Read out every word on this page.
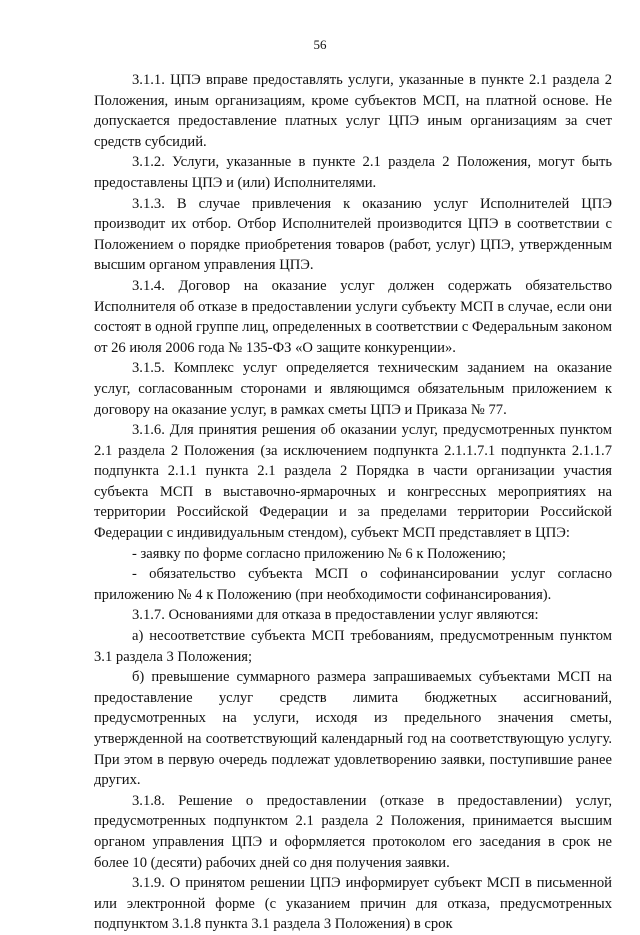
56

3.1.1. ЦПЭ вправе предоставлять услуги, указанные в пункте 2.1 раздела 2 Положения, иным организациям, кроме субъектов МСП, на платной основе. Не допускается предоставление платных услуг ЦПЭ иным организациям за счет средств субсидий.

3.1.2. Услуги, указанные в пункте 2.1 раздела 2 Положения, могут быть предоставлены ЦПЭ и (или) Исполнителями.

3.1.3. В случае привлечения к оказанию услуг Исполнителей ЦПЭ производит их отбор. Отбор Исполнителей производится ЦПЭ в соответствии с Положением о порядке приобретения товаров (работ, услуг) ЦПЭ, утвержденным высшим органом управления ЦПЭ.

3.1.4. Договор на оказание услуг должен содержать обязательство Исполнителя об отказе в предоставлении услуги субъекту МСП в случае, если они состоят в одной группе лиц, определенных в соответствии с Федеральным законом от 26 июля 2006 года № 135-ФЗ «О защите конкуренции».

3.1.5. Комплекс услуг определяется техническим заданием на оказание услуг, согласованным сторонами и являющимся обязательным приложением к договору на оказание услуг, в рамках сметы ЦПЭ и Приказа № 77.

3.1.6. Для принятия решения об оказании услуг, предусмотренных пунктом 2.1 раздела 2 Положения (за исключением подпункта 2.1.1.7.1 подпункта 2.1.1.7 подпункта 2.1.1 пункта 2.1 раздела 2 Порядка в части организации участия субъекта МСП в выставочно-ярмарочных и конгрессных мероприятиях на территории Российской Федерации и за пределами территории Российской Федерации с индивидуальным стендом), субъект МСП представляет в ЦПЭ:

- заявку по форме согласно приложению № 6 к Положению;

- обязательство субъекта МСП о софинансировании услуг согласно приложению № 4 к Положению (при необходимости софинансирования).

3.1.7. Основаниями для отказа в предоставлении услуг являются:

а) несоответствие субъекта МСП требованиям, предусмотренным пунктом 3.1 раздела 3 Положения;

б) превышение суммарного размера запрашиваемых субъектами МСП на предоставление услуг средств лимита бюджетных ассигнований, предусмотренных на услуги, исходя из предельного значения сметы, утвержденной на соответствующий календарный год на соответствующую услугу. При этом в первую очередь подлежат удовлетворению заявки, поступившие ранее других.

3.1.8. Решение о предоставлении (отказе в предоставлении) услуг, предусмотренных подпунктом 2.1 раздела 2 Положения, принимается высшим органом управления ЦПЭ и оформляется протоколом его заседания в срок не более 10 (десяти) рабочих дней со дня получения заявки.

3.1.9. О принятом решении ЦПЭ информирует субъект МСП в письменной или электронной форме (с указанием причин для отказа, предусмотренных подпунктом 3.1.8 пункта 3.1 раздела 3 Положения) в срок
